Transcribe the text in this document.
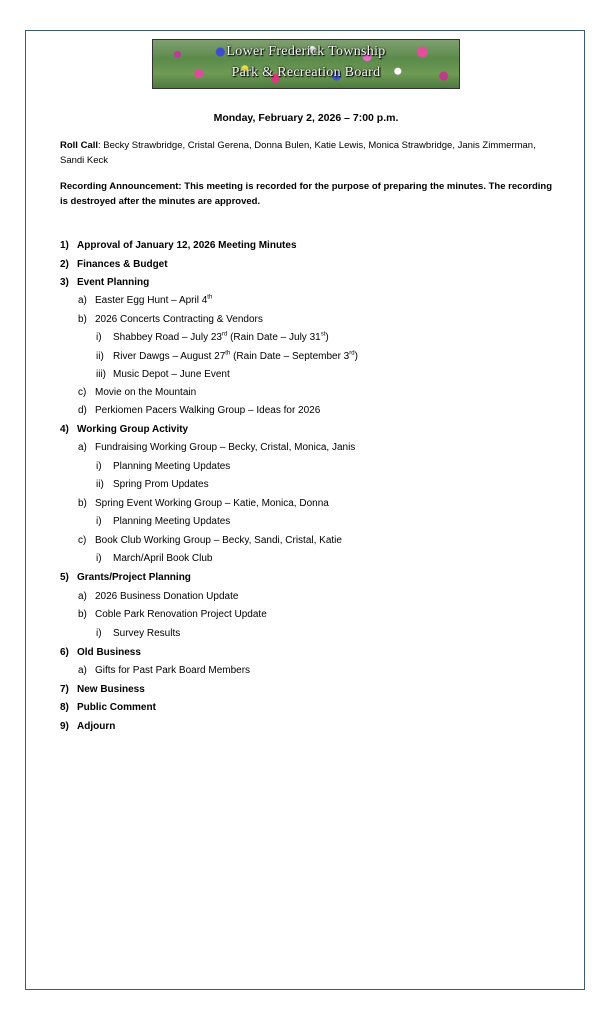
Lower Frederick Township
Park & Recreation Board
Monday, February 2, 2026 – 7:00 p.m.
Roll Call: Becky Strawbridge, Cristal Gerena, Donna Bulen, Katie Lewis, Monica Strawbridge, Janis Zimmerman, Sandi Keck
Recording Announcement: This meeting is recorded for the purpose of preparing the minutes. The recording is destroyed after the minutes are approved.
1) Approval of January 12, 2026 Meeting Minutes
2) Finances & Budget
3) Event Planning
a) Easter Egg Hunt – April 4th
b) 2026 Concerts Contracting & Vendors
i) Shabbey Road – July 23rd (Rain Date – July 31st)
ii) River Dawgs – August 27th (Rain Date – September 3rd)
iii) Music Depot – June Event
c) Movie on the Mountain
d) Perkiomen Pacers Walking Group – Ideas for 2026
4) Working Group Activity
a) Fundraising Working Group – Becky, Cristal, Monica, Janis
i) Planning Meeting Updates
ii) Spring Prom Updates
b) Spring Event Working Group – Katie, Monica, Donna
i) Planning Meeting Updates
c) Book Club Working Group – Becky, Sandi, Cristal, Katie
i) March/April Book Club
5) Grants/Project Planning
a) 2026 Business Donation Update
b) Coble Park Renovation Project Update
i) Survey Results
6) Old Business
a) Gifts for Past Park Board Members
7) New Business
8) Public Comment
9) Adjourn
